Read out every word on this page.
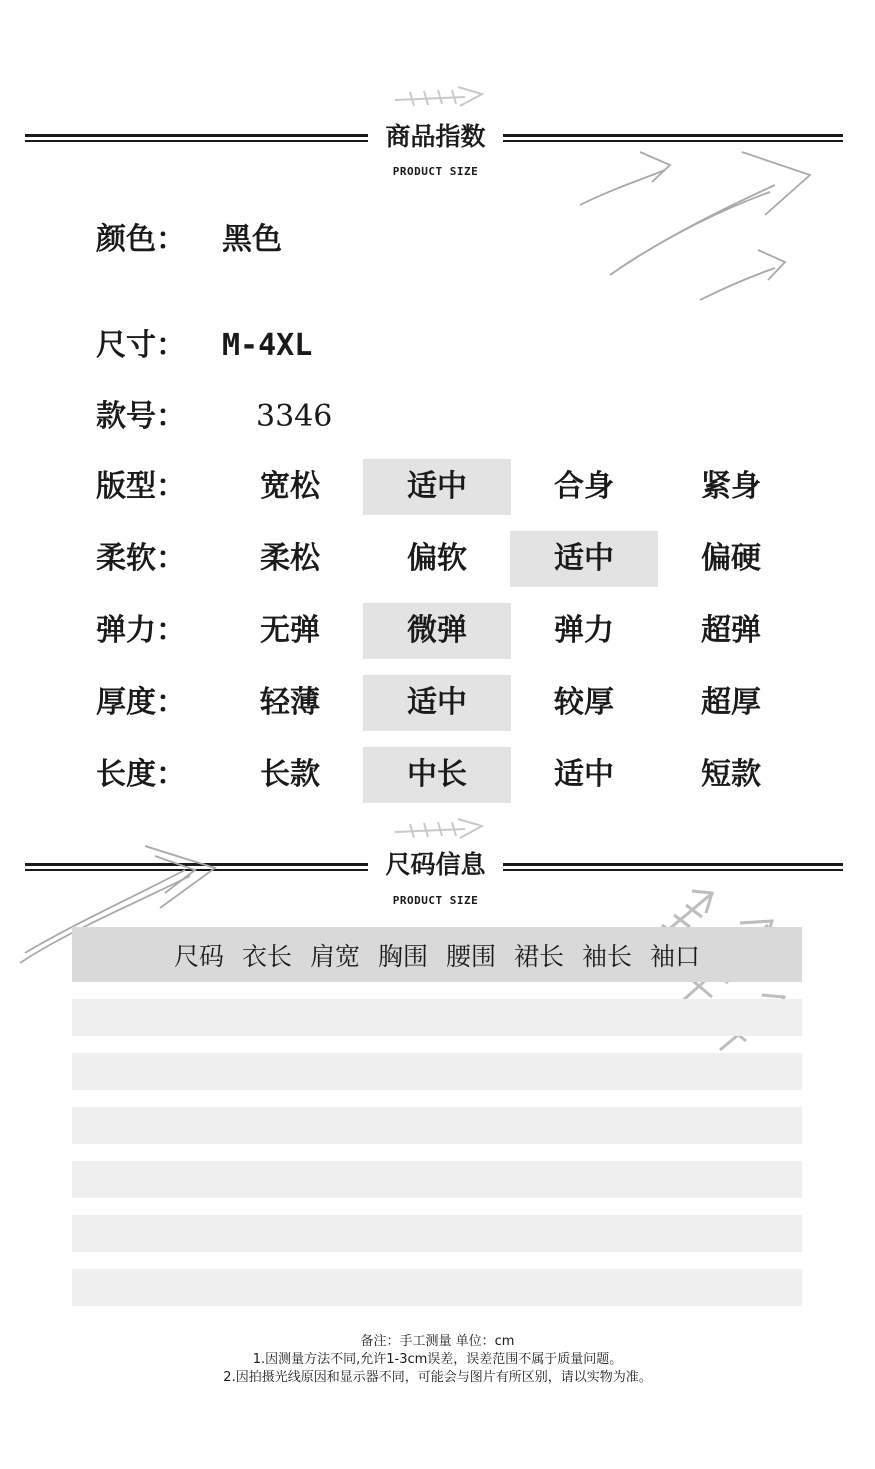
商品指数
PRODUCT SIZE
颜色： 黑色
尺寸： M-4XL
款号： 3346
版型：	宽松	适中	合身	紧身
柔软：	柔松	偏软	适中	偏硬
弹力：	无弹	微弹	弹力	超弹
厚度：	轻薄	适中	较厚	超厚
长度：	长款	中长	适中	短款
尺码信息
PRODUCT SIZE
尺码 衣长 肩宽 胸围 腰围 裙长 袖长 袖口
备注：手工测量 单位：cm
1.因测量方法不同,允许1-3cm误差，误差范围不属于质量问题。
2.因拍摄光线原因和显示器不同，可能会与图片有所区别，请以实物为准。
